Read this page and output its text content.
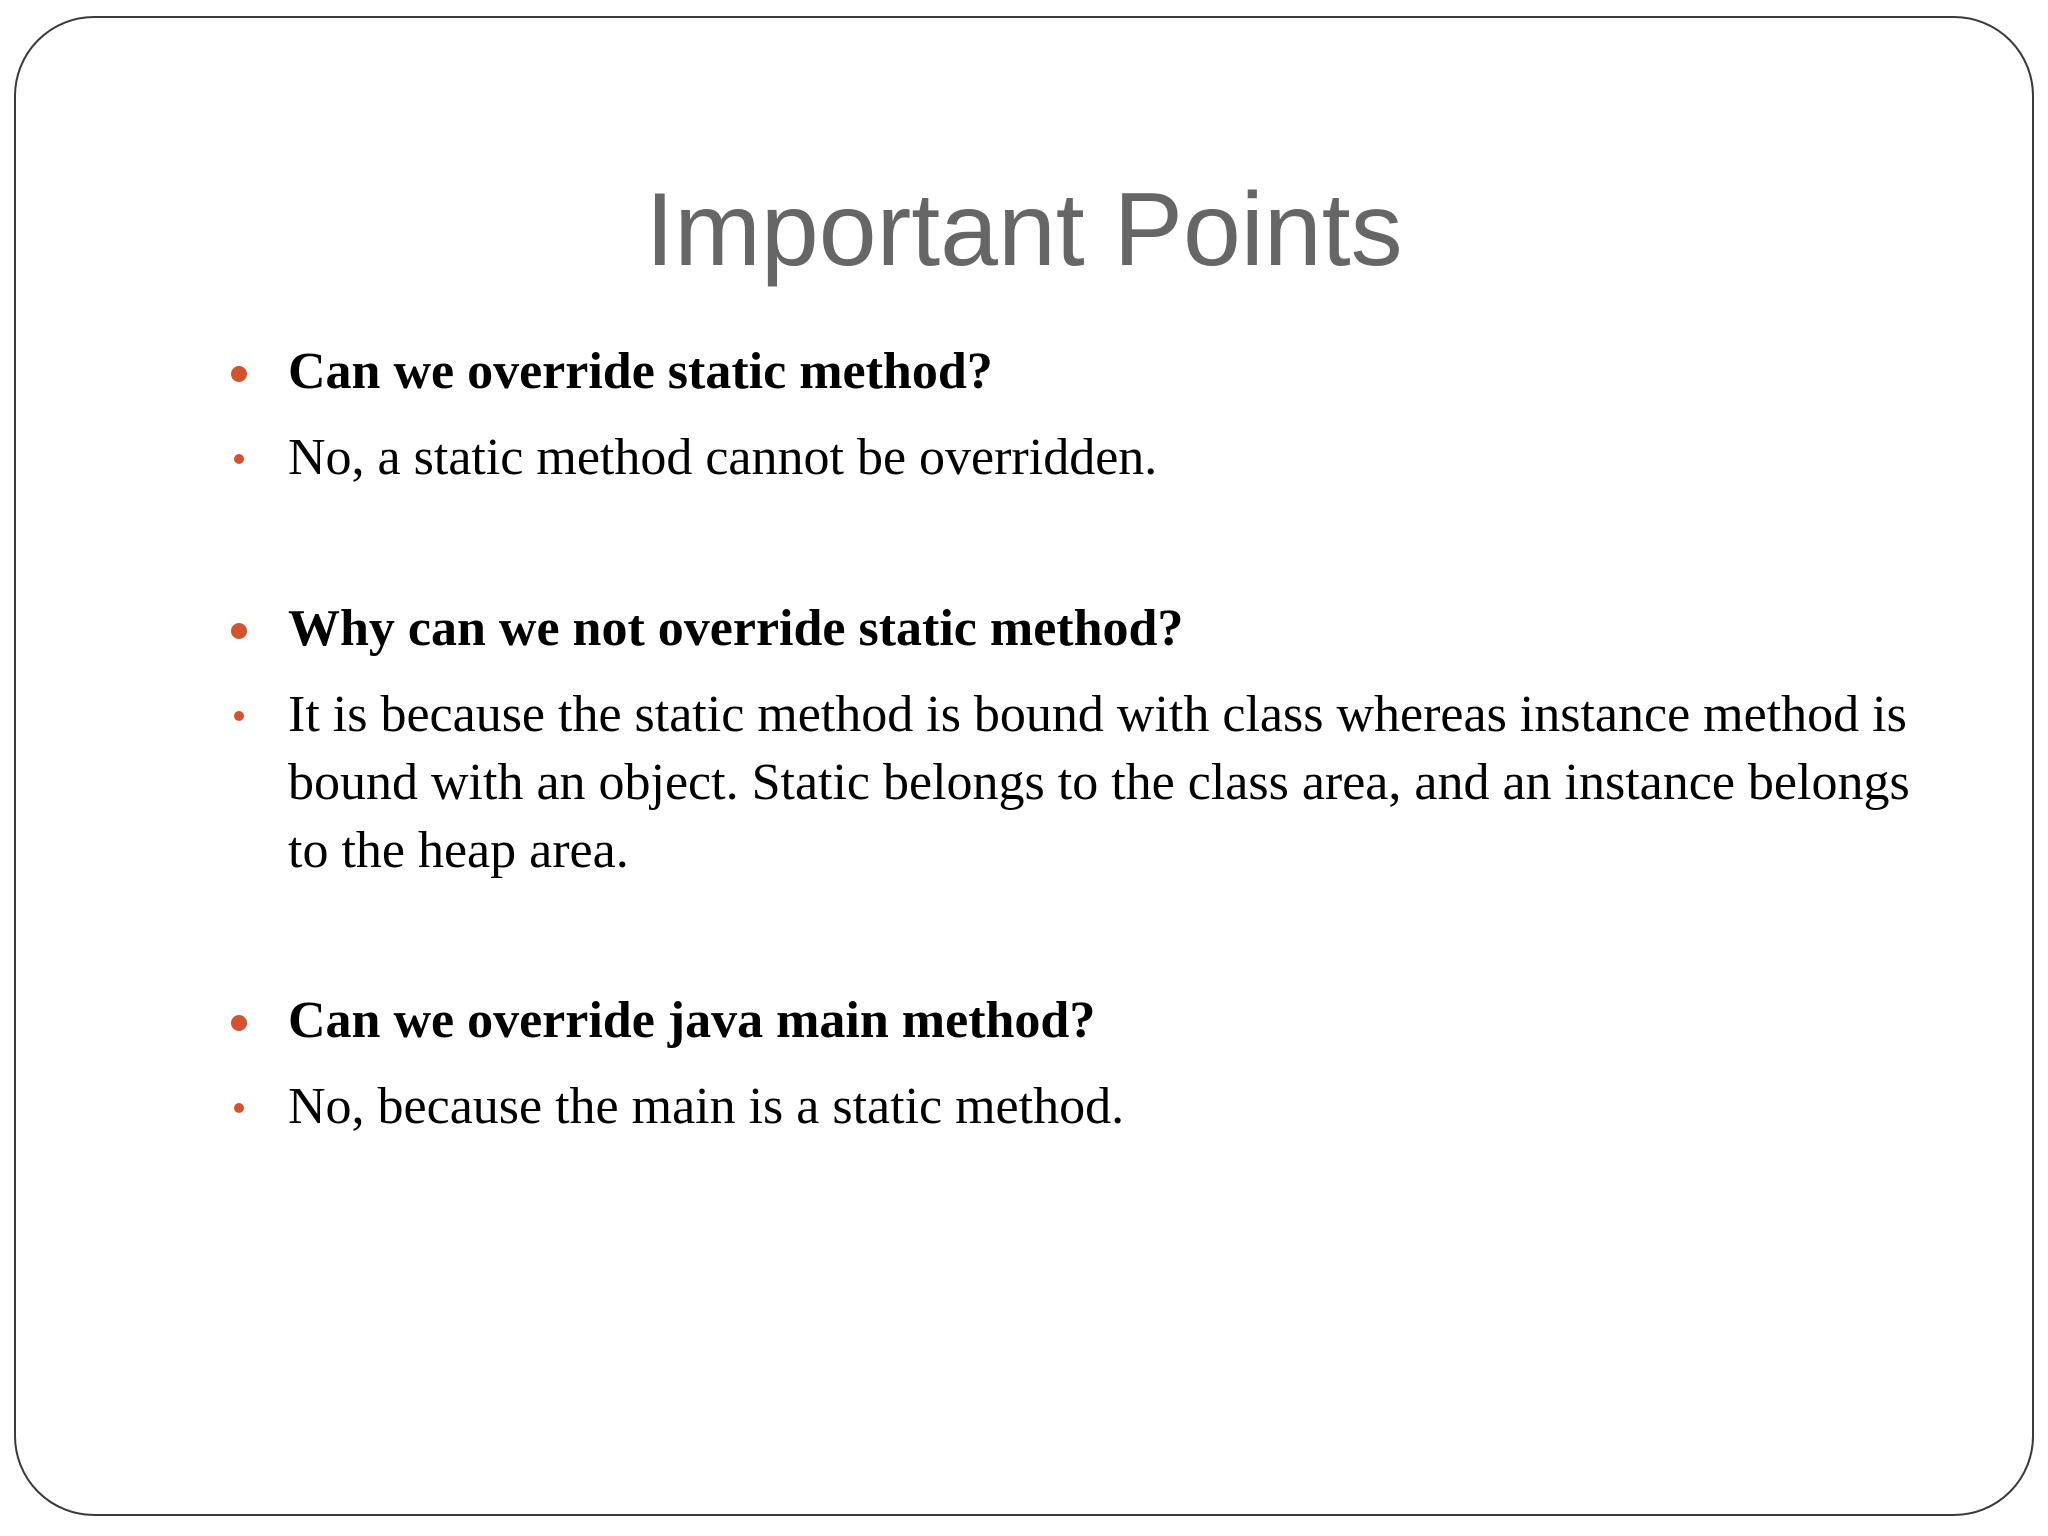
Important Points
Can we override static method?
No, a static method cannot be overridden.
Why can we not override static method?
It is because the static method is bound with class whereas instance method is bound with an object. Static belongs to the class area, and an instance belongs to the heap area.
Can we override java main method?
No, because the main is a static method.
